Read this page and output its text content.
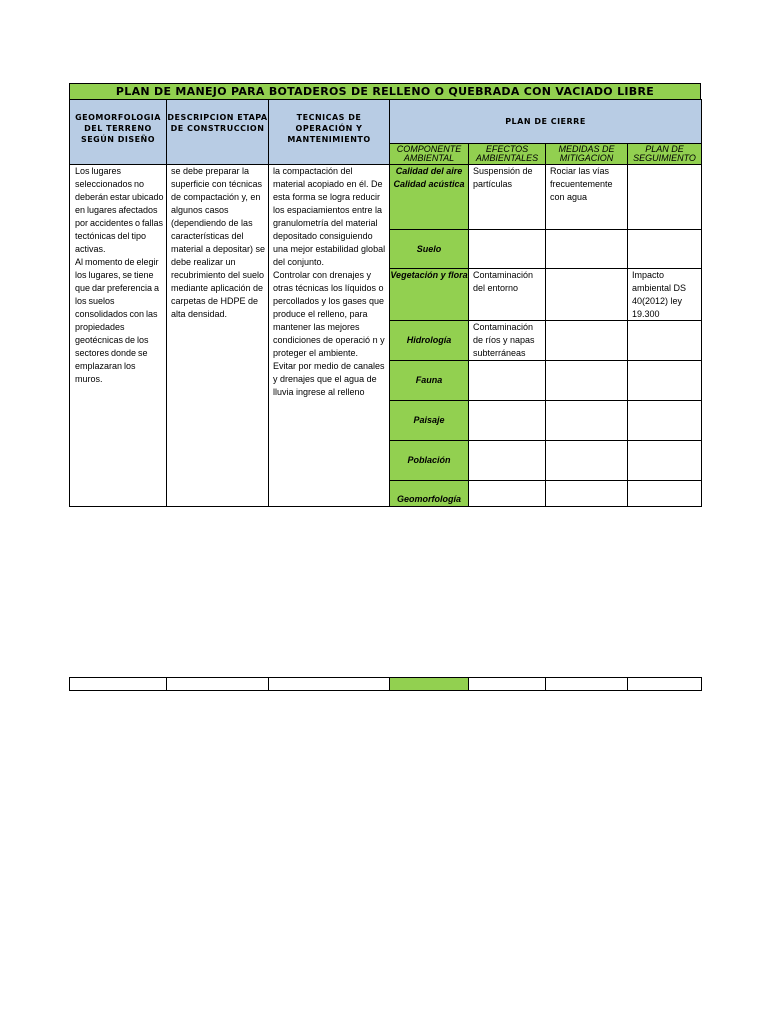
PLAN DE MANEJO PARA BOTADEROS DE RELLENO O QUEBRADA CON VACIADO LIBRE
GEOMORFOLOGIA DEL TERRENO SEGÚN DISEÑO
DESCRIPCION ETAPA DE CONSTRUCCION
TECNICAS DE OPERACIÓN Y MANTENIMIENTO
PLAN DE CIERRE
COMPONENTE AMBIENTAL
EFECTOS AMBIENTALES
MEDIDAS DE MITIGACION
PLAN DE SEGUIMIENTO
Los lugares seleccionados no deberán estar ubicado en lugares afectados por accidentes o fallas tectónicas del tipo activas.
Al momento de elegir los lugares, se tiene que dar preferencia a los suelos consolidados con las propiedades geotécnicas de los sectores donde se emplazaran los muros.
se debe preparar la superficie con técnicas de compactación y, en algunos casos (dependiendo de las características del material a depositar) se debe realizar un recubrimiento del suelo mediante aplicación de carpetas de HDPE de alta densidad.
la compactación del material acopiado en él. De esta forma se logra reducir los espaciamientos entre la granulometría del material depositado consiguiendo una mejor estabilidad global del conjunto.
Controlar con drenajes y otras técnicas los líquidos o percollados y los gases que produce el relleno, para mantener las mejores condiciones de operació n y proteger el ambiente.
Evitar por medio de canales y drenajes que el agua de lluvia ingrese al relleno
Calidad del aire
Calidad acústica
Suspensión de partículas
Rociar las vías frecuentemente con agua
Suelo
Vegetación y flora Contaminación del entorno
Impacto ambiental DS 40(2012) ley 19.300
Hidrología
Contaminación de ríos y napas subterráneas
Fauna
Paisaje
Población
Geomorfología
